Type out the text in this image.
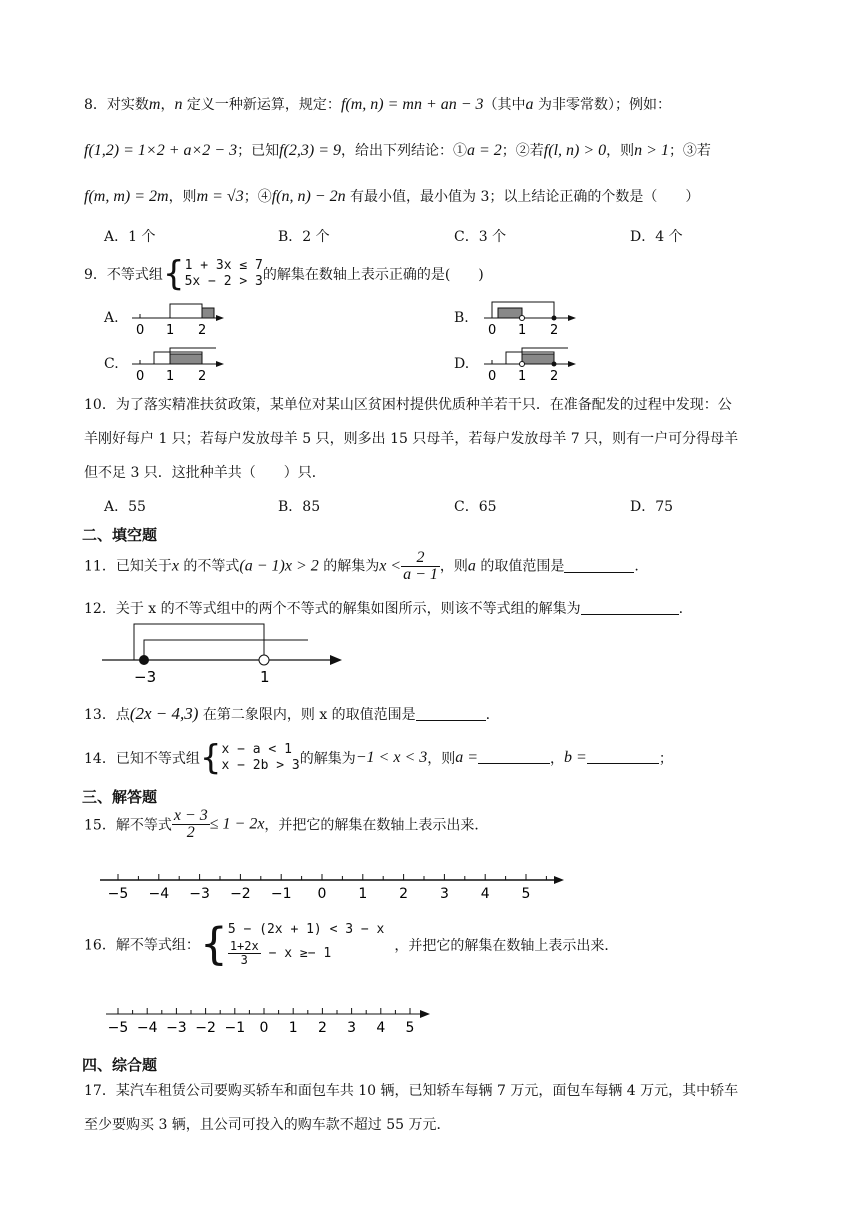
8．对实数m，n 定义一种新运算，规定：f(m, n) = mn + an − 3（其中a 为非零常数）；例如：
f(1,2) = 1×2 + a×2 − 3；已知f(2,3) = 9，给出下列结论：①a = 2；②若f(l, n) > 0，则n > 1；③若
f(m, m) = 2m，则m = √3；④f(n, n) − 2n 有最小值，最小值为 3；以上结论正确的个数是（　　）
A．1 个	B．2 个	C．3 个	D．4 个
9．不等式组{ 1 + 3x ≤ 7
5x − 2 > 3 的解集在数轴上表示正确的是(　　)
A.
0 1 2
B.
0 1 2
C.
0 1 2
D.
0 1 2
10．为了落实精准扶贫政策，某单位对某山区贫困村提供优质种羊若干只．在准备配发的过程中发现：公
羊刚好每户 1 只；若每户发放母羊 5 只，则多出 15 只母羊，若每户发放母羊 7 只，则有一户可分得母羊
但不足 3 只．这批种羊共（　　）只．
A．55	B．85	C．65	D．75
二、填空题
11．已知关于x 的不等式(a − 1)x > 2 的解集为$x < \frac{2}{a - 1}$ ，则a 的取值范围是	.
12．关于 x 的不等式组中的两个不等式的解集如图所示，则该不等式组的解集为	.
−3	1
13．点(2x − 4,3) 在第二象限内，则 x 的取值范围是	.
14．已知不等式组{ x − a < 1
x − 2b > 3 的解集为−1 < x < 3，则a =	，b =	；
三、解答题
15．解不等式 $\frac{x - 3}{2} \le 1 - 2x$，并把它的解集在数轴上表示出来．
−5 −4 −3 −2 −1 0 1 2 3 4 5
16．解不等式组：{ 5 − (2x + 1) < 3 − x
$\frac{1+2x}{3} - x \ge- 1$	，并把它的解集在数轴上表示出来．
−5 −4 −3 −2 −1 0 1 2 3 4 5
四、综合题
17．某汽车租赁公司要购买轿车和面包车共 10 辆，已知轿车每辆 7 万元，面包车每辆 4 万元，其中轿车
至少要购买 3 辆，且公司可投入的购车款不超过 55 万元．
